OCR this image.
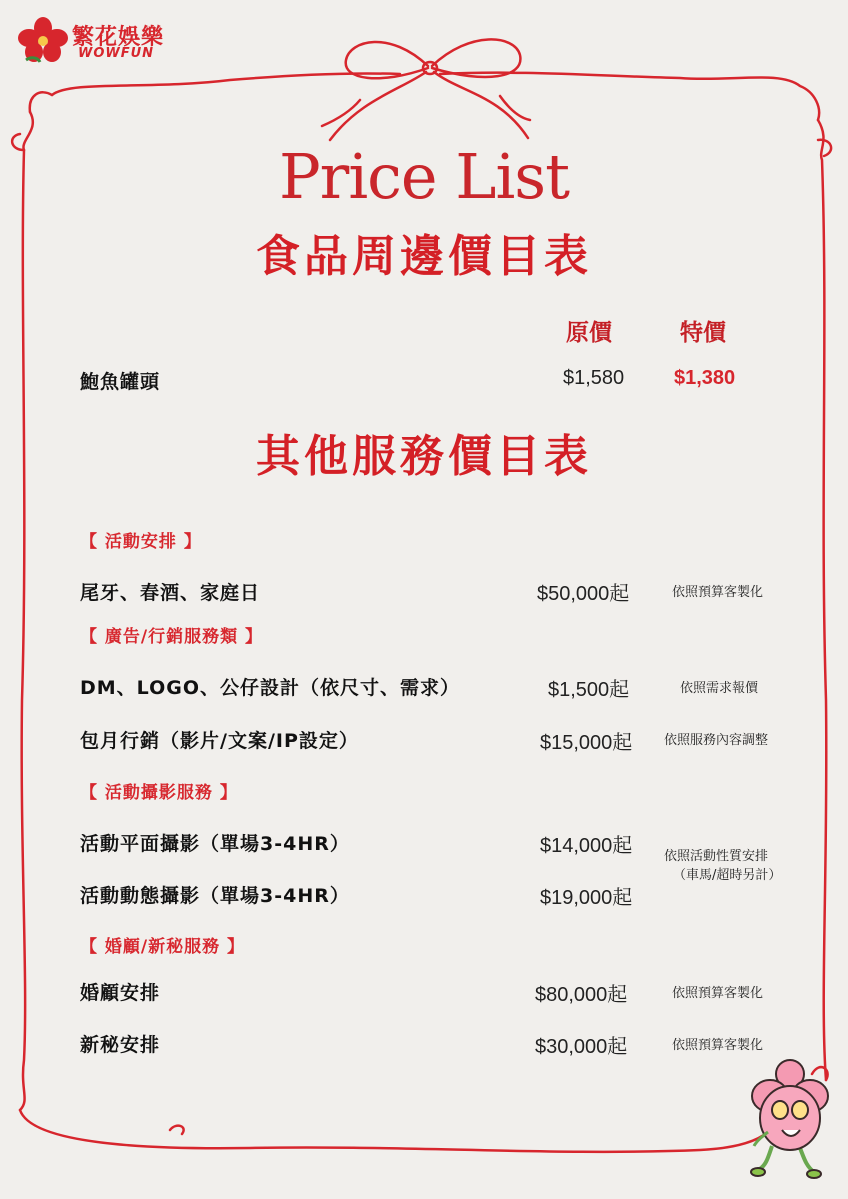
繁花娛樂
WOWFUN
Price List
食品周邊價目表
原價	特價
鮑魚罐頭	$1,580 $1,380
其他服務價目表
【 活動安排 】
尾牙、春酒、家庭日	$50,000起	依照預算客製化
【 廣告/行銷服務類 】
DM、LOGO、公仔設計（依尺寸、需求）	$1,500起	依照需求報價
包月行銷（影片/文案/IP設定）	$15,000起 依照服務內容調整
【 活動攝影服務 】
活動平面攝影（單場3-4HR）	$14,000起
活動動態攝影（單場3-4HR）	$19,000起
依照活動性質安排
（車馬/超時另計）
【 婚顧/新秘服務 】
婚顧安排	$80,000起	依照預算客製化
新秘安排	$30,000起	依照預算客製化
